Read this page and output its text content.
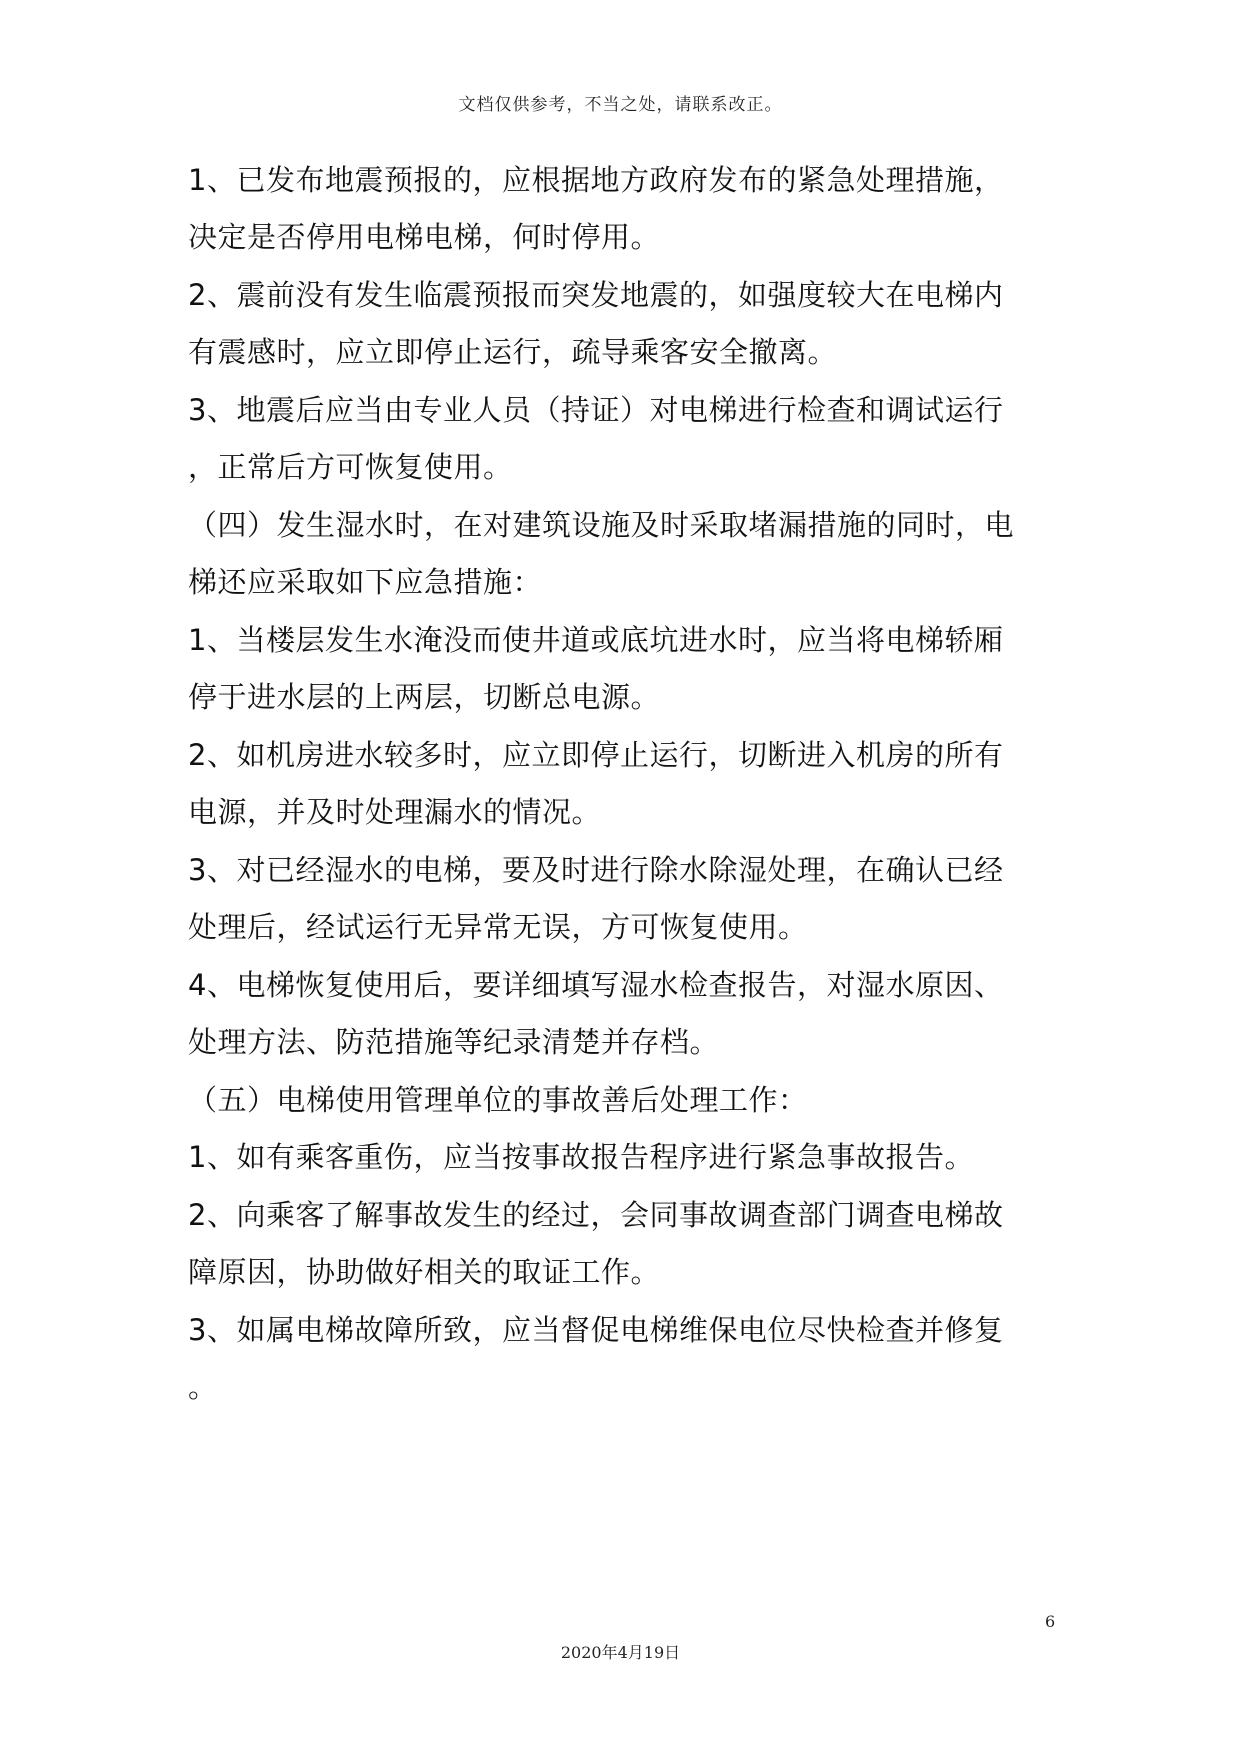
文档仅供参考，不当之处，请联系改正。
1、已发布地震预报的，应根据地方政府发布的紧急处理措施，
决定是否停用电梯电梯，何时停用。
2、震前没有发生临震预报而突发地震的，如强度较大在电梯内
有震感时，应立即停止运行，疏导乘客安全撤离。
3、地震后应当由专业人员（持证）对电梯进行检查和调试运行
，正常后方可恢复使用。
（四）发生湿水时，在对建筑设施及时采取堵漏措施的同时，电
梯还应采取如下应急措施：
1、当楼层发生水淹没而使井道或底坑进水时，应当将电梯轿厢
停于进水层的上两层，切断总电源。
2、如机房进水较多时，应立即停止运行，切断进入机房的所有
电源，并及时处理漏水的情况。
3、对已经湿水的电梯，要及时进行除水除湿处理，在确认已经
处理后，经试运行无异常无误，方可恢复使用。
4、电梯恢复使用后，要详细填写湿水检查报告，对湿水原因、
处理方法、防范措施等纪录清楚并存档。
（五）电梯使用管理单位的事故善后处理工作：
1、如有乘客重伤，应当按事故报告程序进行紧急事故报告。
2、向乘客了解事故发生的经过，会同事故调查部门调查电梯故
障原因，协助做好相关的取证工作。
3、如属电梯故障所致，应当督促电梯维保电位尽快检查并修复
。
6
2020年4月19日
